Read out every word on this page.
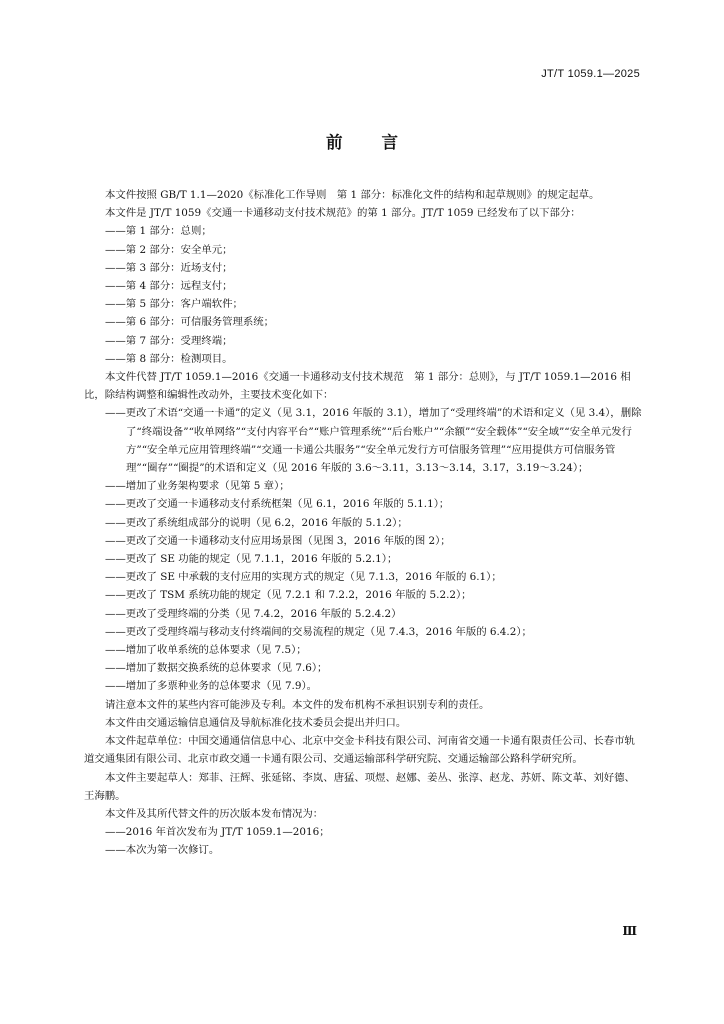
JT/T 1059.1—2025
前言

本文件按照 GB/T 1.1—2020《标准化工作导则　第 1 部分：标准化文件的结构和起草规则》的规定起草。

本文件是 JT/T 1059《交通一卡通移动支付技术规范》的第 1 部分。JT/T 1059 已经发布了以下部分：

——第 1 部分：总则；

——第 2 部分：安全单元；

——第 3 部分：近场支付；

——第 4 部分：远程支付；

——第 5 部分：客户端软件；

——第 6 部分：可信服务管理系统；

——第 7 部分：受理终端；

——第 8 部分：检测项目。

本文件代替 JT/T 1059.1—2016《交通一卡通移动支付技术规范　第 1 部分：总则》，与 JT/T 1059.1—2016 相比，除结构调整和编辑性改动外，主要技术变化如下：

——更改了术语“交通一卡通”的定义（见 3.1，2016 年版的 3.1），增加了“受理终端”的术语和定义（见 3.4），删除了“终端设备”“收单网络”“支付内容平台”“账户管理系统”“后台账户”“余额”“安全载体”“安全域”“安全单元发行方”“安全单元应用管理终端”“交通一卡通公共服务”“安全单元发行方可信服务管理”“应用提供方可信服务管理”“圈存”“圈提”的术语和定义（见 2016 年版的 3.6～3.11，3.13～3.14，3.17，3.19～3.24）；

——增加了业务架构要求（见第 5 章）；

——更改了交通一卡通移动支付系统框架（见 6.1，2016 年版的 5.1.1）；

——更改了系统组成部分的说明（见 6.2，2016 年版的 5.1.2）；

——更改了交通一卡通移动支付应用场景图（见图 3，2016 年版的图 2）；

——更改了 SE 功能的规定（见 7.1.1，2016 年版的 5.2.1）；

——更改了 SE 中承载的支付应用的实现方式的规定（见 7.1.3，2016 年版的 6.1）；

——更改了 TSM 系统功能的规定（见 7.2.1 和 7.2.2，2016 年版的 5.2.2）；

——更改了受理终端的分类（见 7.4.2，2016 年版的 5.2.4.2）

——更改了受理终端与移动支付终端间的交易流程的规定（见 7.4.3，2016 年版的 6.4.2）；

——增加了收单系统的总体要求（见 7.5）；

——增加了数据交换系统的总体要求（见 7.6）；

——增加了多票种业务的总体要求（见 7.9）。

请注意本文件的某些内容可能涉及专利。本文件的发布机构不承担识别专利的责任。

本文件由交通运输信息通信及导航标准化技术委员会提出并归口。

本文件起草单位：中国交通通信信息中心、北京中交金卡科技有限公司、河南省交通一卡通有限责任公司、长春市轨道交通集团有限公司、北京市政交通一卡通有限公司、交通运输部科学研究院、交通运输部公路科学研究所。

本文件主要起草人：郑菲、汪辉、张延铭、李岚、唐猛、项煜、赵娜、姜丛、张淳、赵龙、苏妍、陈文革、刘好德、王海鹏。

本文件及其所代替文件的历次版本发布情况为：

——2016 年首次发布为 JT/T 1059.1—2016；

——本次为第一次修订。

Ⅲ
